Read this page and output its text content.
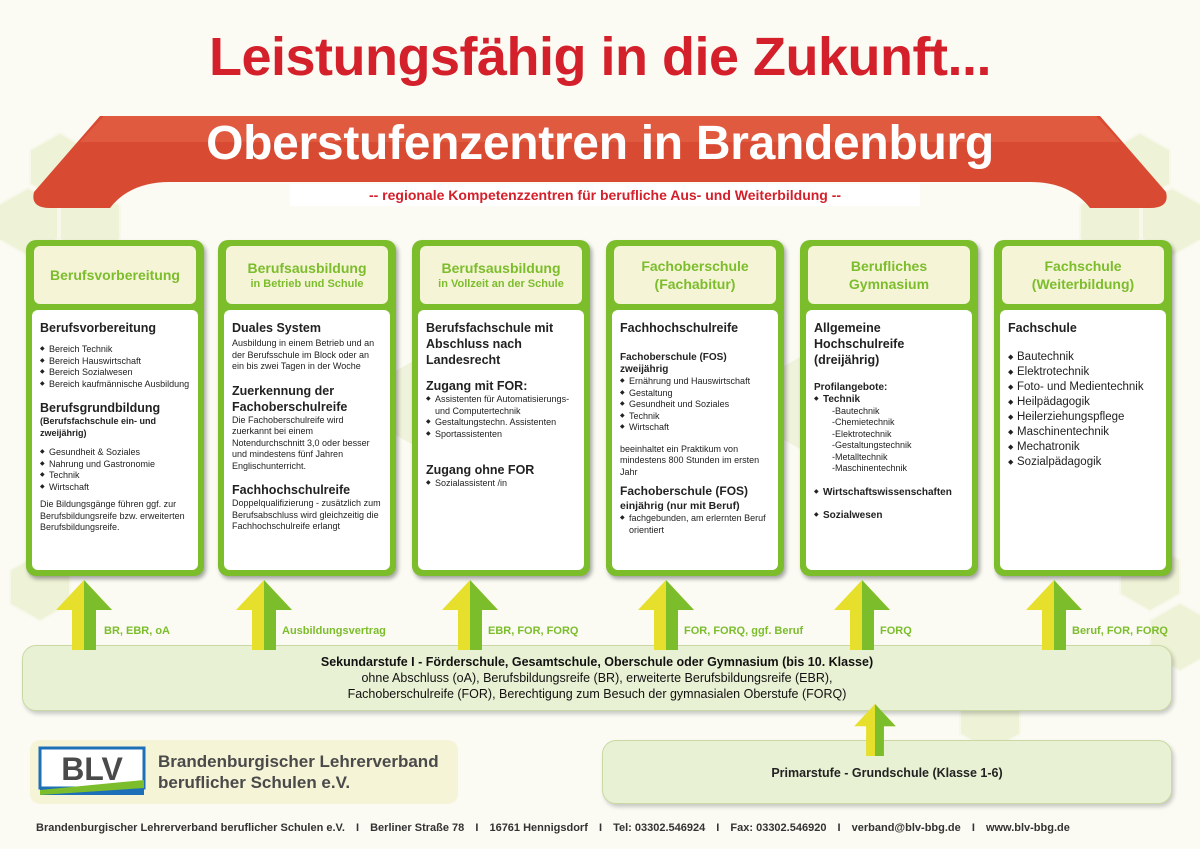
Leistungsfähig in die Zukunft...
Oberstufenzentren in Brandenburg
-- regionale Kompetenzzentren für berufliche Aus- und Weiterbildung --
Berufsvorbereitung
Berufsvorbereitung
◆ Bereich Technik
◆ Bereich Hauswirtschaft
◆ Bereich Sozialwesen
◆ Bereich kaufmännische Ausbildung
Berufsgrundbildung
(Berufsfachschule ein- und zweijährig)
◆ Gesundheit & Soziales
◆ Nahrung und Gastronomie
◆ Technik
◆ Wirtschaft
Die Bildungsgänge führen ggf. zur Berufsbildungsreife bzw. erweiterten Berufsbildungsreife.
Berufsausbildung
in Betrieb und Schule
Duales System
Ausbildung in einem Betrieb und an der Berufsschule im Block oder an ein bis zwei Tagen in der Woche
Zuerkennung der Fachoberschulreife
Die Fachoberschulreife wird zuerkannt bei einem Notendurchschnitt 3,0 oder besser und mindestens fünf Jahren Englischunterricht.
Fachhochschulreife
Doppelqualifizierung - zusätzlich zum Berufsabschluss wird gleichzeitig die Fachhochschulreife erlangt
Berufsausbildung
in Vollzeit an der Schule
Berufsfachschule mit Abschluss nach Landesrecht
Zugang mit FOR:
◆ Assistenten für Automatisierungs- und Computertechnik
◆ Gestaltungstechn. Assistenten
◆ Sportassistenten
Zugang ohne FOR
◆ Sozialassistent /in
Fachoberschule
(Fachabitur)
Fachhochschulreife
Fachoberschule (FOS) zweijährig
◆ Ernährung und Hauswirtschaft
◆ Gestaltung
◆ Gesundheit und Soziales
◆ Technik
◆ Wirtschaft
beeinhaltet ein Praktikum von mindestens 800 Stunden im ersten Jahr
Fachoberschule (FOS)
einjährig (nur mit Beruf)
◆ fachgebunden, am erlernten Beruf orientiert
Berufliches
Gymnasium
Allgemeine Hochschulreife (dreijährig)
Profilangebote:
◆ Technik
-Bautechnik
-Chemietechnik
-Elektrotechnik
-Gestaltungstechnik
-Metalltechnik
-Maschinentechnik
◆ Wirtschaftswissenschaften
◆ Sozialwesen
Fachschule
(Weiterbildung)
Fachschule
◆ Bautechnik
◆ Elektrotechnik
◆ Foto- und Medientechnik
◆ Heilpädagogik
◆ Heilerziehungspflege
◆ Maschinentechnik
◆ Mechatronik
◆ Sozialpädagogik
BR, EBR, oA	Ausbildungsvertrag	EBR, FOR, FORQ	FOR, FORQ, ggf. Beruf	FORQ	Beruf, FOR, FORQ
Sekundarstufe I - Förderschule, Gesamtschule, Oberschule oder Gymnasium (bis 10. Klasse)
ohne Abschluss (oA), Berufsbildungsreife (BR), erweiterte Berufsbildungsreife (EBR),
Fachoberschulreife (FOR), Berechtigung zum Besuch der gymnasialen Oberstufe (FORQ)
BLV Brandenburgischer Lehrerverband
beruflicher Schulen e.V.	Primarstufe - Grundschule (Klasse 1-6)
Brandenburgischer Lehrerverband beruflicher Schulen e.V. I Berliner Straße 78 I 16761 Hennigsdorf I Tel: 03302.546924 I Fax: 03302.546920 I verband@blv-bbg.de I www.blv-bbg.de
